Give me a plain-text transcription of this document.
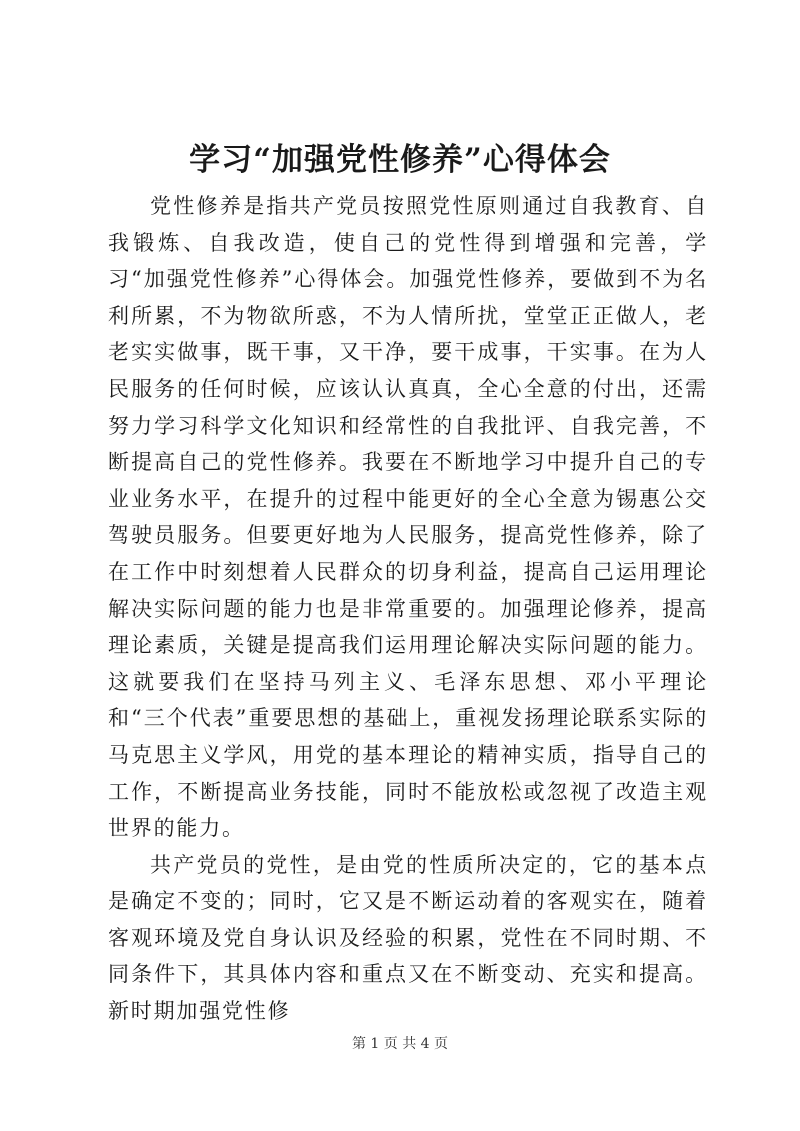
学习“加强党性修养”心得体会

党性修养是指共产党员按照党性原则通过自我教育、自我锻炼、自我改造，使自己的党性得到增强和完善，学习“加强党性修养”心得体会。加强党性修养，要做到不为名利所累，不为物欲所惑，不为人情所扰，堂堂正正做人，老老实实做事，既干事，又干净，要干成事，干实事。在为人民服务的任何时候，应该认认真真，全心全意的付出，还需努力学习科学文化知识和经常性的自我批评、自我完善，不断提高自己的党性修养。我要在不断地学习中提升自己的专业业务水平，在提升的过程中能更好的全心全意为锡惠公交驾驶员服务。但要更好地为人民服务，提高党性修养，除了在工作中时刻想着人民群众的切身利益，提高自己运用理论解决实际问题的能力也是非常重要的。加强理论修养，提高理论素质，关键是提高我们运用理论解决实际问题的能力。这就要我们在坚持马列主义、毛泽东思想、邓小平理论和“三个代表”重要思想的基础上，重视发扬理论联系实际的马克思主义学风，用党的基本理论的精神实质，指导自己的工作，不断提高业务技能，同时不能放松或忽视了改造主观世界的能力。

共产党员的党性，是由党的性质所决定的，它的基本点是确定不变的；同时，它又是不断运动着的客观实在，随着客观环境及党自身认识及经验的积累，党性在不同时期、不同条件下，其具体内容和重点又在不断变动、充实和提高。新时期加强党性修

第 1 页 共 4 页
